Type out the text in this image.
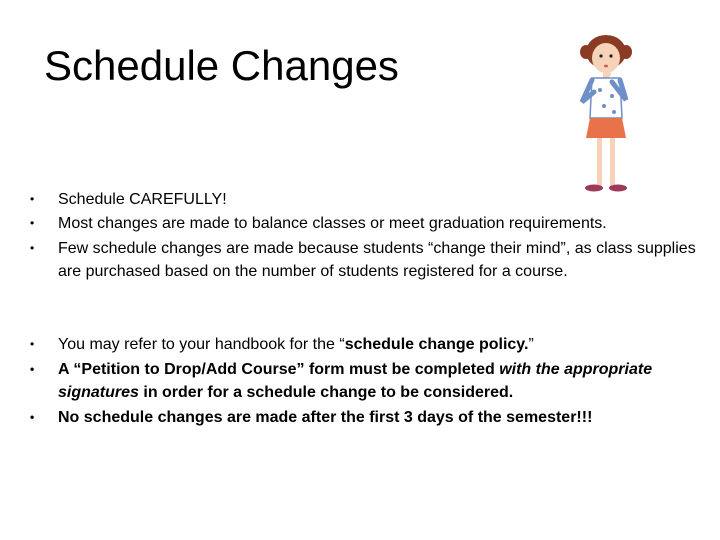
Schedule Changes
• Schedule CAREFULLY!
• Most changes are made to balance classes or meet graduation requirements.
• Few schedule changes are made because students “change their mind”, as class supplies are purchased based on the number of students registered for a course.
• You may refer to your handbook for the “schedule change policy.”
• A “Petition to Drop/Add Course” form must be completed with the appropriate signatures in order for a schedule change to be considered.
• No schedule changes are made after the first 3 days of the semester!!!
